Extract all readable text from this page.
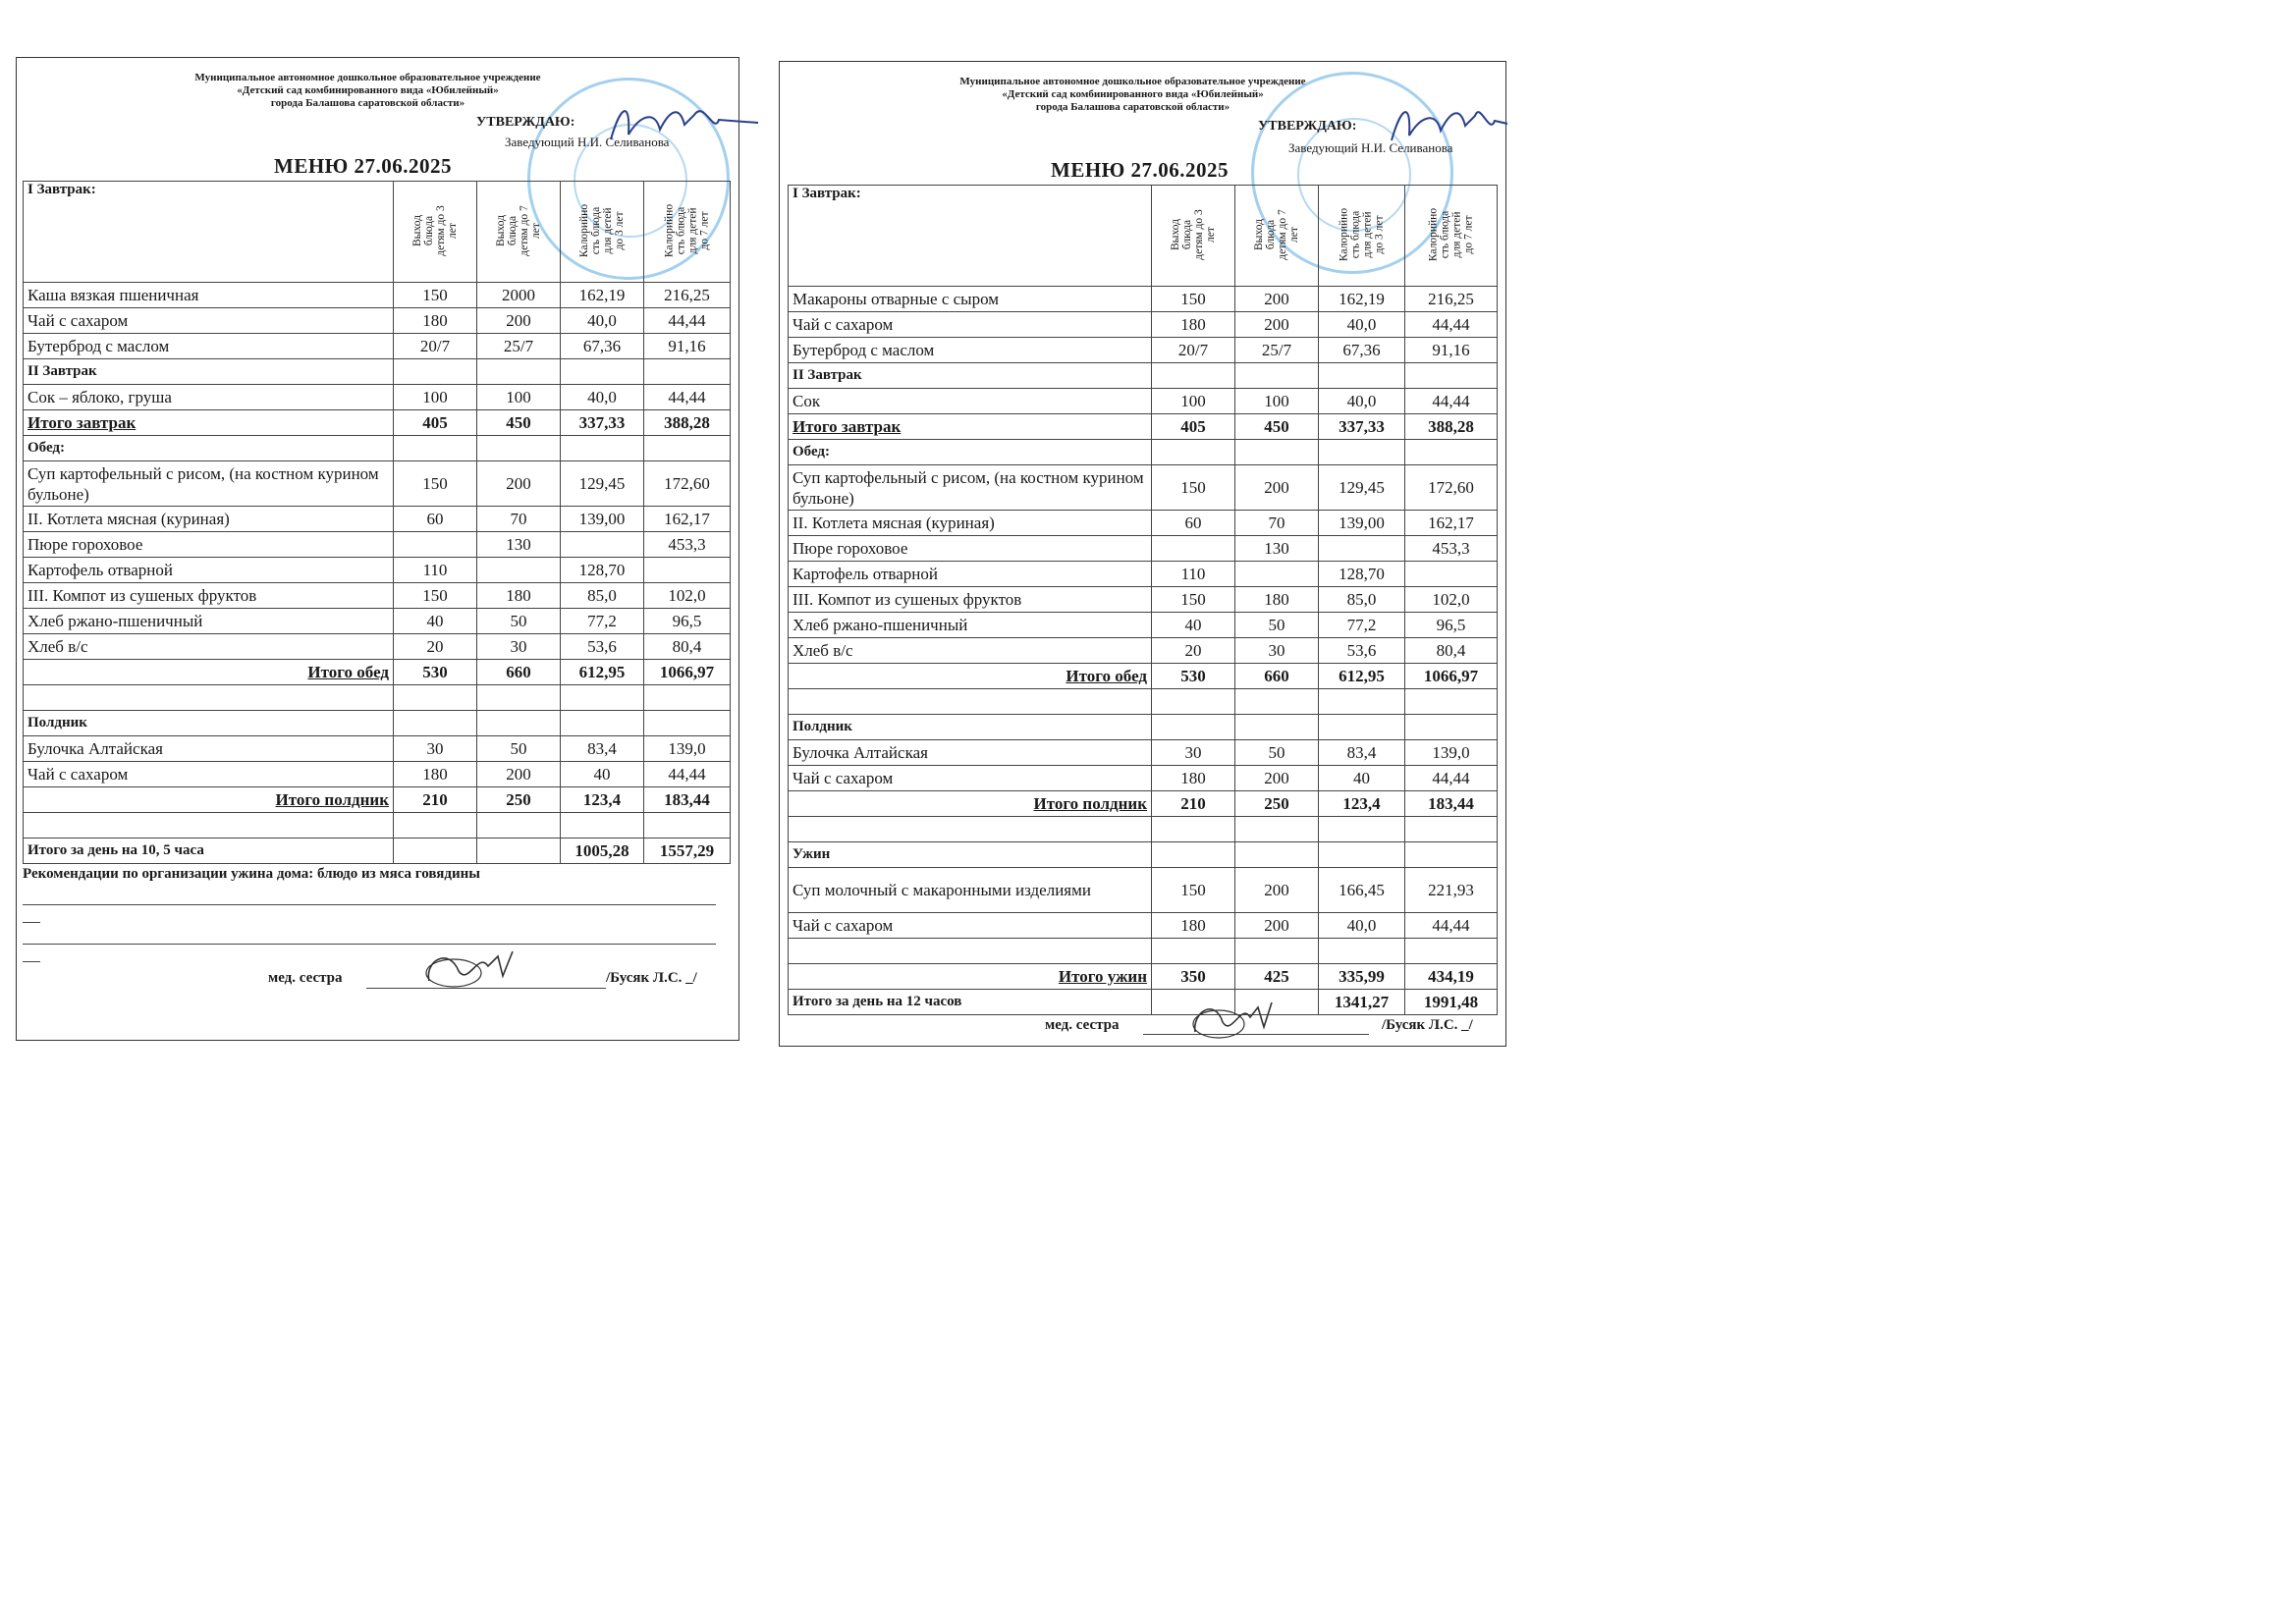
Муниципальное автономное дошкольное образовательное учреждение
«Детский сад комбинированного вида «Юбилейный»
города Балашова саратовской области»
УТВЕРЖДАЮ:
Заведующий Н.И. Селиванова
МЕНЮ 27.06.2025
I Завтрак:	Выход
блюда
детям до 3
лет	Выход
блюда
детям до 7
лет	Калорийно
сть блюда
для детей
до 3 лет	Калорийно
сть блюда
для детей
до 7 лет

Каша вязкая пшеничная	150	2000	162,19	216,25
Чай с сахаром	180	200	40,0	44,44
Бутерброд с маслом	20/7	25/7	67,36	91,16
II Завтрак				
Сок – яблоко, груша	100	100	40,0	44,44
Итого завтрак	405	450	337,33	388,28
Обед:				
Суп картофельный с рисом, (на костном курином бульоне)	150	200	129,45	172,60
II. Котлета мясная (куриная)	60	70	139,00	162,17
Пюре гороховое		130		453,3
Картофель отварной	110		128,70	
III. Компот из сушеных фруктов	150	180	85,0	102,0
Хлеб ржано-пшеничный	40	50	77,2	96,5
Хлеб в/с	20	30	53,6	80,4
Итого обед	530	660	612,95	1066,97

Полдник				
Булочка Алтайская	30	50	83,4	139,0
Чай с сахаром	180	200	40	44,44
Итого полдник	210	250	123,4	183,44

Итого за день на 10, 5 часа			1005,28	1557,29
Рекомендации по организации ужина дома: блюдо из мяса говядины
мед. сестра	/Бусяк Л.С. _/
Муниципальное автономное дошкольное образовательное учреждение
«Детский сад комбинированного вида «Юбилейный»
города Балашова саратовской области»
УТВЕРЖДАЮ:
Заведующий Н.И. Селиванова
МЕНЮ 27.06.2025
I Завтрак:	Выход
блюда
детям до 3
лет	Выход
блюда
детям до 7
лет	Калорийно
сть блюда
для детей
до 3 лет	Калорийно
сть блюда
для детей
до 7 лет

Макароны отварные с сыром	150	200	162,19	216,25
Чай с сахаром	180	200	40,0	44,44
Бутерброд с маслом	20/7	25/7	67,36	91,16
II Завтрак				
Сок	100	100	40,0	44,44
Итого завтрак	405	450	337,33	388,28
Обед:				
Суп картофельный с рисом, (на костном курином бульоне)	150	200	129,45	172,60
II. Котлета мясная (куриная)	60	70	139,00	162,17
Пюре гороховое		130		453,3
Картофель отварной	110		128,70	
III. Компот из сушеных фруктов	150	180	85,0	102,0
Хлеб ржано-пшеничный	40	50	77,2	96,5
Хлеб в/с	20	30	53,6	80,4
Итого обед	530	660	612,95	1066,97

Полдник				
Булочка Алтайская	30	50	83,4	139,0
Чай с сахаром	180	200	40	44,44
Итого полдник	210	250	123,4	183,44

Ужин				
Суп молочный с макаронными изделиями	150	200	166,45	221,93
Чай с сахаром	180	200	40,0	44,44

Итого ужин	350	425	335,99	434,19
Итого за день на 12 часов			1341,27	1991,48
мед. сестра	/Бусяк Л.С. _/
